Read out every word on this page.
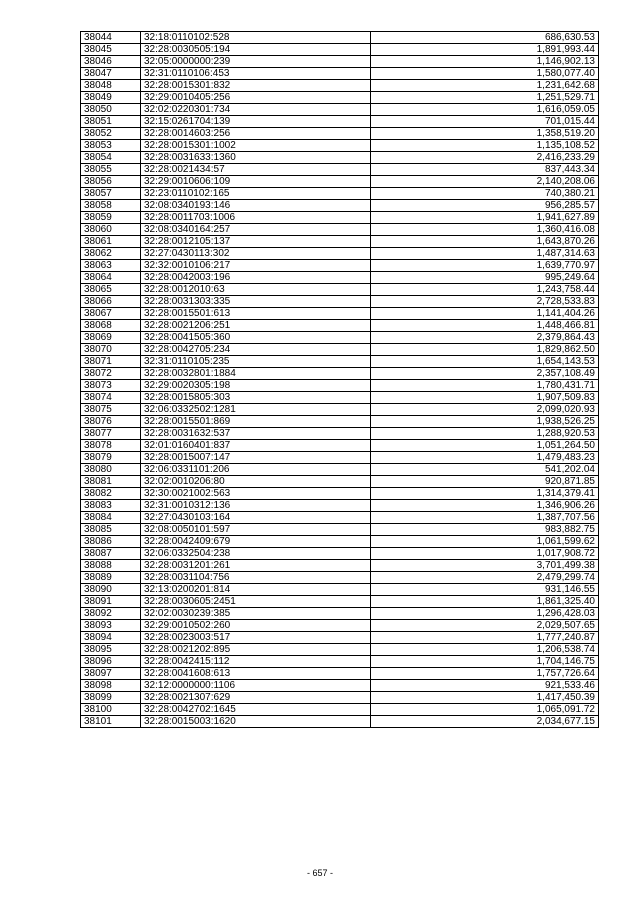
38044	32:18:0110102:528	686,630.53
38045	32:28:0030505:194	1,891,993.44
38046	32:05:0000000:239	1,146,902.13
38047	32:31:0110106:453	1,580,077.40
38048	32:28:0015301:832	1,231,642.68
38049	32:29:0010405:256	1,251,529.71
38050	32:02:0220301:734	1,616,059.05
38051	32:15:0261704:139	701,015.44
38052	32:28:0014603:256	1,358,519.20
38053	32:28:0015301:1002	1,135,108.52
38054	32:28:0031633:1360	2,416,233.29
38055	32:28:0021434:57	837,443.34
38056	32:29:0010606:109	2,140,208.06
38057	32:23:0110102:165	740,380.21
38058	32:08:0340193:146	956,285.57
38059	32:28:0011703:1006	1,941,627.89
38060	32:08:0340164:257	1,360,416.08
38061	32:28:0012105:137	1,643,870.26
38062	32:27:0430113:302	1,487,314.63
38063	32:32:0010106:217	1,639,770.97
38064	32:28:0042003:196	995,249.64
38065	32:28:0012010:63	1,243,758.44
38066	32:28:0031303:335	2,728,533.83
38067	32:28:0015501:613	1,141,404.26
38068	32:28:0021206:251	1,448,466.81
38069	32:28:0041505:360	2,379,864.43
38070	32:28:0042705:234	1,829,862.50
38071	32:31:0110105:235	1,654,143.53
38072	32:28:0032801:1884	2,357,108.49
38073	32:29:0020305:198	1,780,431.71
38074	32:28:0015805:303	1,907,509.83
38075	32:06:0332502:1281	2,099,020.93
38076	32:28:0015501:869	1,938,526.25
38077	32:28:0031632:537	1,288,920.53
38078	32:01:0160401:837	1,051,264.50
38079	32:28:0015007:147	1,479,483.23
38080	32:06:0331101:206	541,202.04
38081	32:02:0010206:80	920,871.85
38082	32:30:0021002:563	1,314,379.41
38083	32:31:0010312:136	1,346,906.26
38084	32:27:0430103:164	1,387,707.56
38085	32:08:0050101:597	983,882.75
38086	32:28:0042409:679	1,061,599.62
38087	32:06:0332504:238	1,017,908.72
38088	32:28:0031201:261	3,701,499.38
38089	32:28:0031104:756	2,479,299.74
38090	32:13:0200201:814	931,146.55
38091	32:28:0030605:2451	1,861,325.40
38092	32:02:0030239:385	1,296,428.03
38093	32:29:0010502:260	2,029,507.65
38094	32:28:0023003:517	1,777,240.87
38095	32:28:0021202:895	1,206,538.74
38096	32:28:0042415:112	1,704,146.75
38097	32:28:0041608:613	1,757,726.64
38098	32:12:0000000:1106	921,533.46
38099	32:28:0021307:629	1,417,450.39
38100	32:28:0042702:1645	1,065,091.72
38101	32:28:0015003:1620	2,034,677.15
- 657 -
